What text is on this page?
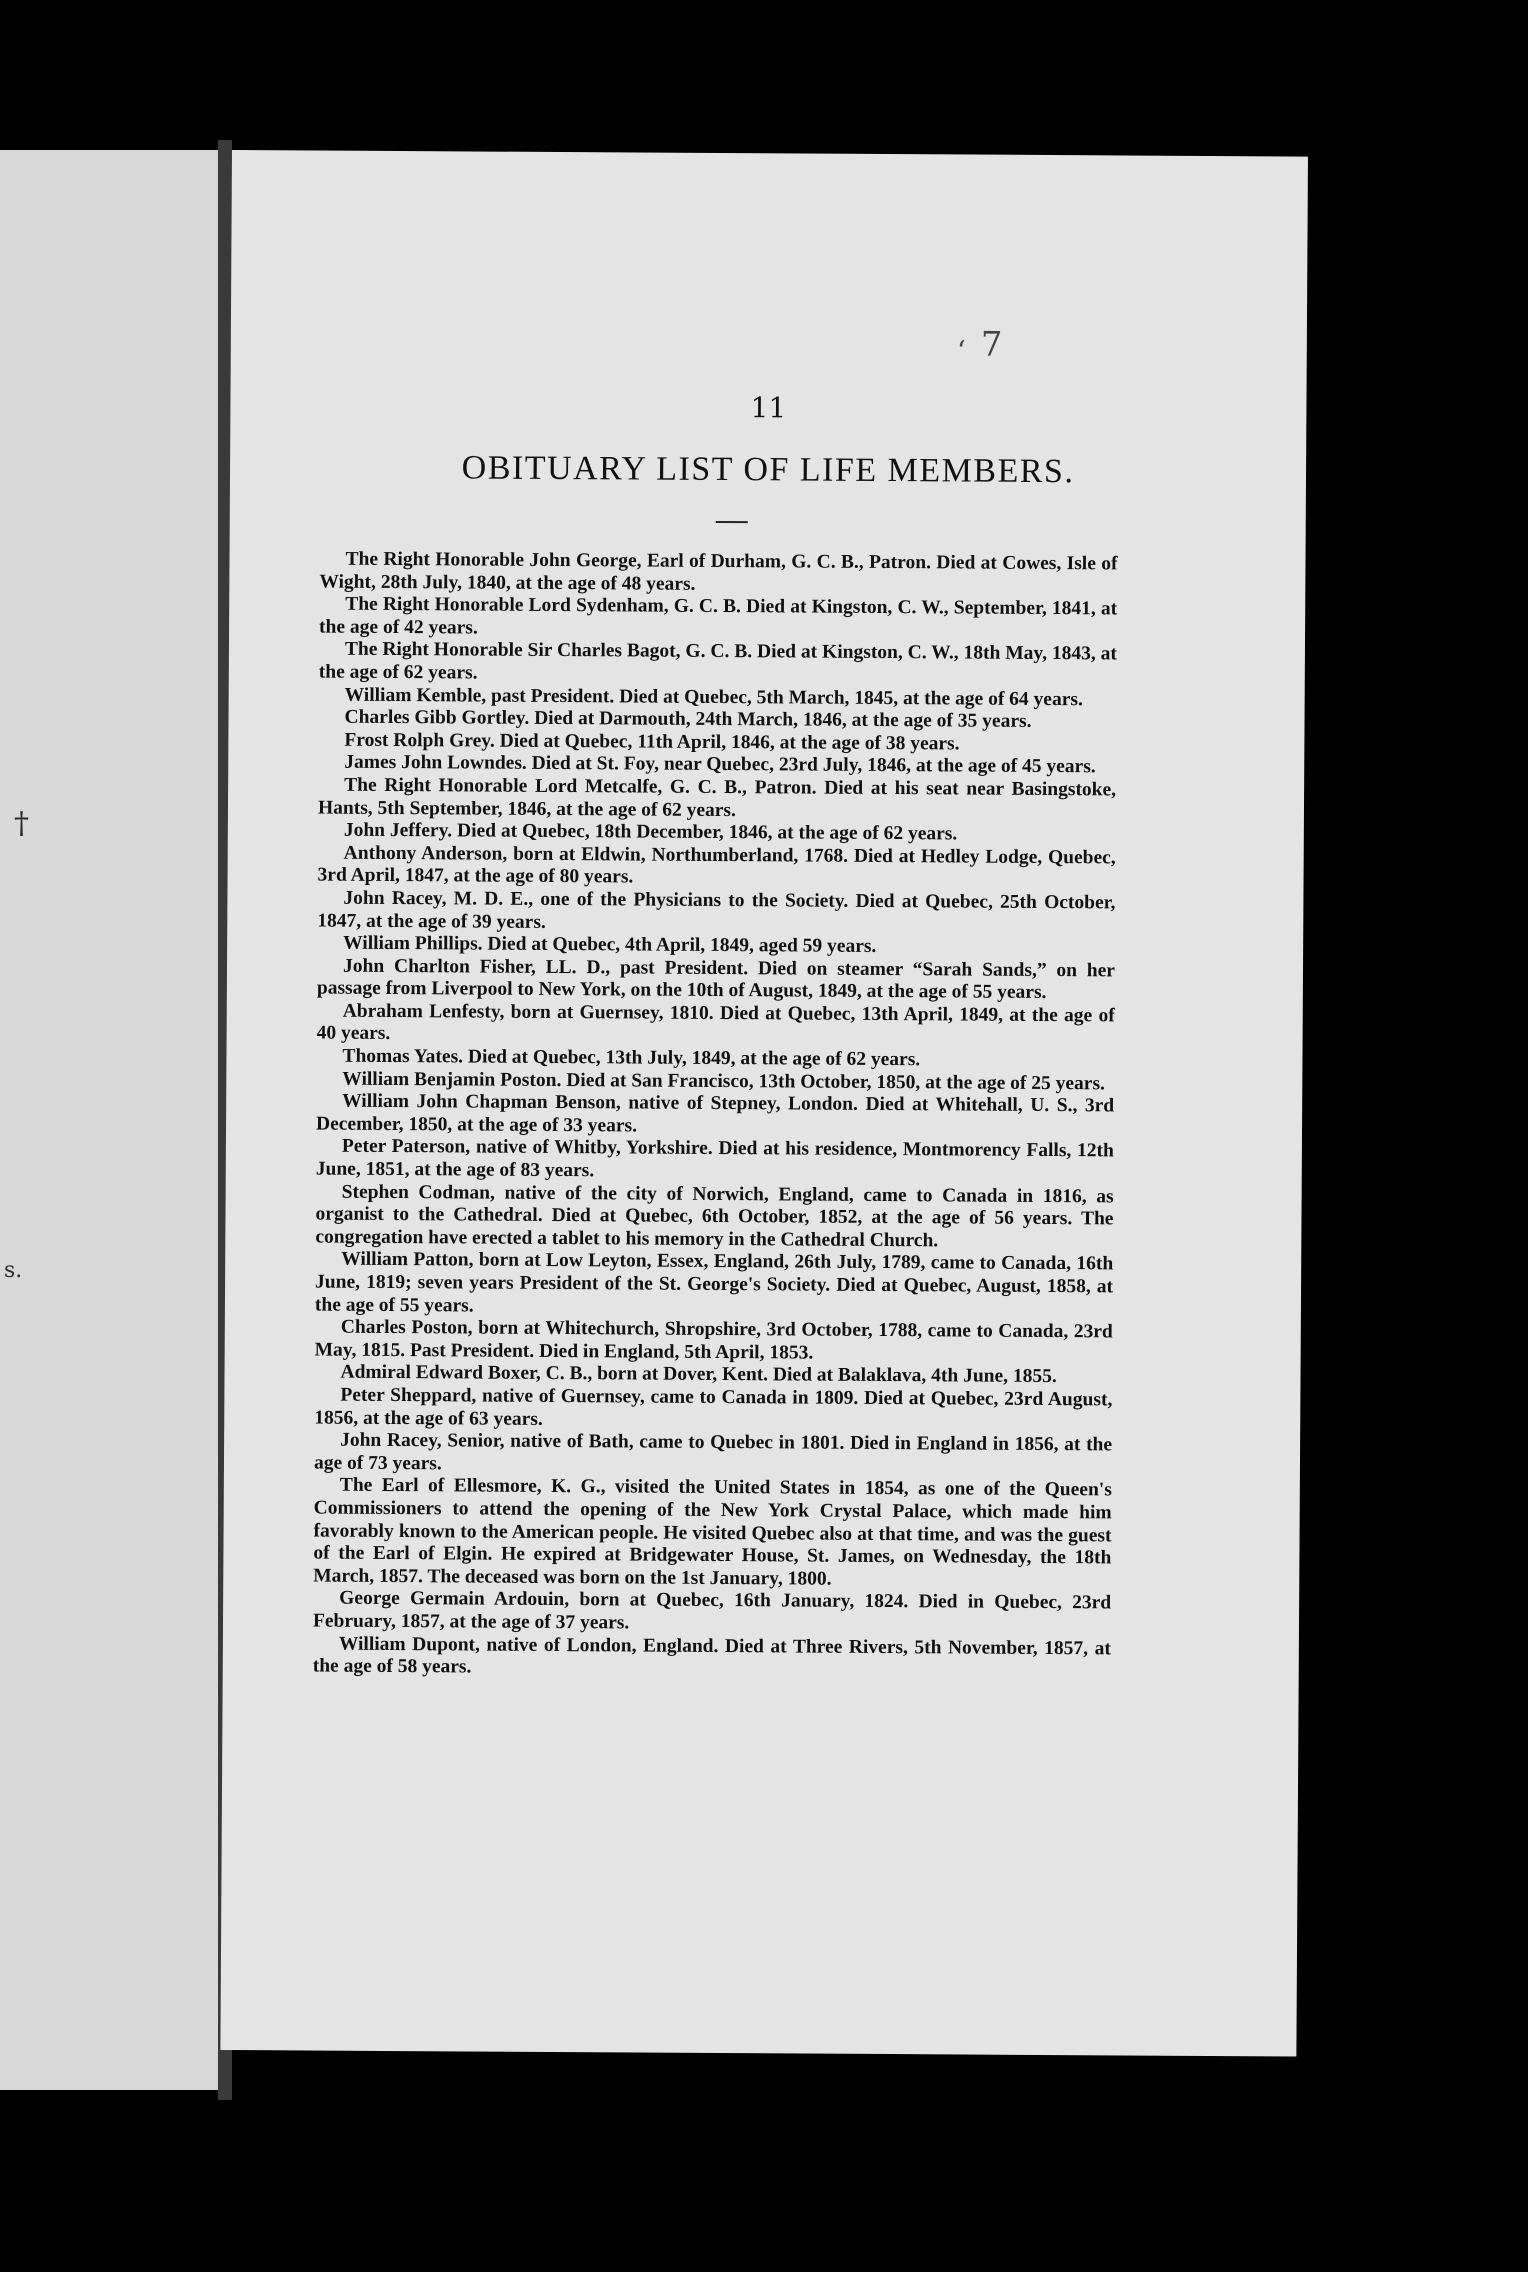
†
s.
ʻ 7
11
OBITUARY LIST OF LIFE MEMBERS.

The Right Honorable John George, Earl of Durham, G. C. B., Patron. Died at Cowes, Isle of Wight, 28th July, 1840, at the age of 48 years.

The Right Honorable Lord Sydenham, G. C. B. Died at Kingston, C. W., September, 1841, at the age of 42 years.

The Right Honorable Sir Charles Bagot, G. C. B. Died at Kingston, C. W., 18th May, 1843, at the age of 62 years.

William Kemble, past President. Died at Quebec, 5th March, 1845, at the age of 64 years.

Charles Gibb Gortley. Died at Darmouth, 24th March, 1846, at the age of 35 years.

Frost Rolph Grey. Died at Quebec, 11th April, 1846, at the age of 38 years.

James John Lowndes. Died at St. Foy, near Quebec, 23rd July, 1846, at the age of 45 years.

The Right Honorable Lord Metcalfe, G. C. B., Patron. Died at his seat near Basingstoke, Hants, 5th September, 1846, at the age of 62 years.

John Jeffery. Died at Quebec, 18th December, 1846, at the age of 62 years.

Anthony Anderson, born at Eldwin, Northumberland, 1768. Died at Hedley Lodge, Quebec, 3rd April, 1847, at the age of 80 years.

John Racey, M. D. E., one of the Physicians to the Society. Died at Quebec, 25th October, 1847, at the age of 39 years.

William Phillips. Died at Quebec, 4th April, 1849, aged 59 years.

John Charlton Fisher, LL. D., past President. Died on steamer “Sarah Sands,” on her passage from Liverpool to New York, on the 10th of August, 1849, at the age of 55 years.

Abraham Lenfesty, born at Guernsey, 1810. Died at Quebec, 13th April, 1849, at the age of 40 years.

Thomas Yates. Died at Quebec, 13th July, 1849, at the age of 62 years.

William Benjamin Poston. Died at San Francisco, 13th October, 1850, at the age of 25 years.

William John Chapman Benson, native of Stepney, London. Died at Whitehall, U. S., 3rd December, 1850, at the age of 33 years.

Peter Paterson, native of Whitby, Yorkshire. Died at his residence, Montmorency Falls, 12th June, 1851, at the age of 83 years.

Stephen Codman, native of the city of Norwich, England, came to Canada in 1816, as organist to the Cathedral. Died at Quebec, 6th October, 1852, at the age of 56 years. The congregation have erected a tablet to his memory in the Cathedral Church.

William Patton, born at Low Leyton, Essex, England, 26th July, 1789, came to Canada, 16th June, 1819; seven years President of the St. George's Society. Died at Quebec, August, 1858, at the age of 55 years.

Charles Poston, born at Whitechurch, Shropshire, 3rd October, 1788, came to Canada, 23rd May, 1815. Past President. Died in England, 5th April, 1853.

Admiral Edward Boxer, C. B., born at Dover, Kent. Died at Balaklava, 4th June, 1855.

Peter Sheppard, native of Guernsey, came to Canada in 1809. Died at Quebec, 23rd August, 1856, at the age of 63 years.

John Racey, Senior, native of Bath, came to Quebec in 1801. Died in England in 1856, at the age of 73 years.

The Earl of Ellesmore, K. G., visited the United States in 1854, as one of the Queen's Commissioners to attend the opening of the New York Crystal Palace, which made him favorably known to the American people. He visited Quebec also at that time, and was the guest of the Earl of Elgin. He expired at Bridgewater House, St. James, on Wednesday, the 18th March, 1857. The deceased was born on the 1st January, 1800.

George Germain Ardouin, born at Quebec, 16th January, 1824. Died in Quebec, 23rd February, 1857, at the age of 37 years.

William Dupont, native of London, England. Died at Three Rivers, 5th November, 1857, at the age of 58 years.
